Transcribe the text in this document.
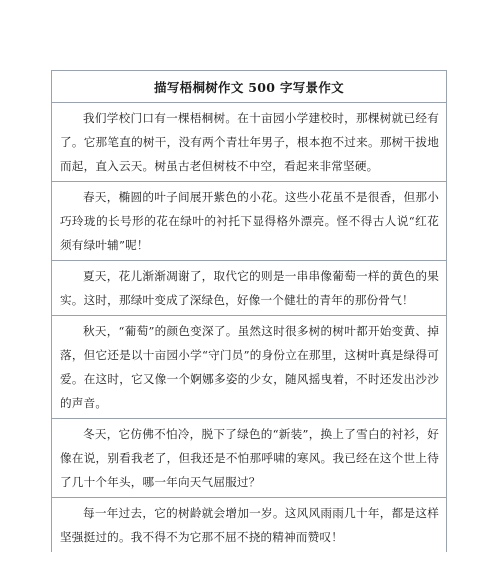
描写梧桐树作文 500 字写景作文
我们学校门口有一棵梧桐树。在十亩园小学建校时，那棵树就已经有了。它那笔直的树干，没有两个青壮年男子，根本抱不过来。那树干拔地而起，直入云天。树虽古老但树枝不中空，看起来非常坚硬。
春天，椭圆的叶子间展开紫色的小花。这些小花虽不是很香，但那小巧玲珑的长号形的花在绿叶的衬托下显得格外漂亮。怪不得古人说“红花须有绿叶辅”呢！
夏天，花儿渐渐凋谢了，取代它的则是一串串像葡萄一样的黄色的果实。这时，那绿叶变成了深绿色，好像一个健壮的青年的那份骨气！
秋天，“葡萄”的颜色变深了。虽然这时很多树的树叶都开始变黄、掉落，但它还是以十亩园小学“守门员”的身份立在那里，这树叶真是绿得可爱。在这时，它又像一个婀娜多姿的少女，随风摇曳着，不时还发出沙沙的声音。
冬天，它仿佛不怕冷，脱下了绿色的“新装”，换上了雪白的衬衫，好像在说，别看我老了，但我还是不怕那呼啸的寒风。我已经在这个世上待了几十个年头，哪一年向天气屈服过？
每一年过去，它的树龄就会增加一岁。这风风雨雨几十年，都是这样坚强挺过的。我不得不为它那不屈不挠的精神而赞叹！
